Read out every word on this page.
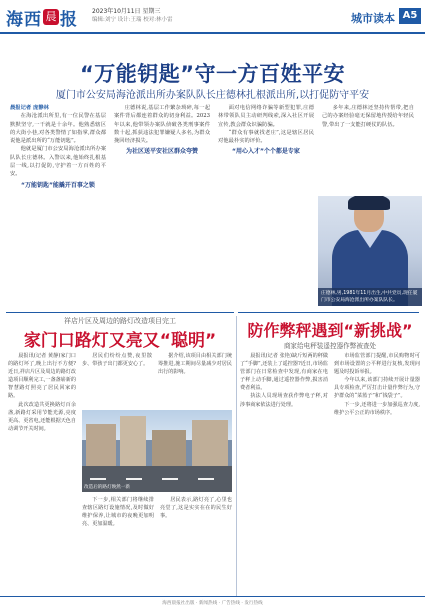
海西 晨 报 2023年10月11日 星期三
编辑:刘宁 设计:王瑞 校对:林小雷	城市读本 A5
“万能钥匙”守一方百姓平安
厦门市公安局海沧派出所办案队队长庄德林扎根派出所,以打促防守平安
晨报记者 庞静林

在海沧派出所里,有一位民警在基层默默坚守,一干就是十余年。他熟悉辖区的大街小巷,对各类警情了如指掌,群众都说他是派出所的“万能钥匙”。

他就是厦门市公安局海沧派出所办案队队长庄德林。入警以来,他始终扎根基层一线,以打促防,守护着一方百姓的平安。

“万能钥匙”能撬开百事之锁

庄德林说,基层工作繁杂琐碎,每一起案件背后都连着群众的切身利益。2023年以来,他带领办案队侦破各类刑事案件数十起,抓获违法犯罪嫌疑人多名,为群众挽回经济损失。

为社区送平安社区群众夸赞

面对电信网络诈骗等新型犯罪,庄德林带领队员主动研判线索,深入社区开展宣传,教会群众识骗防骗。

“群众有事就找老庄”,这是辖区居民对他最朴实的评价。

“用心入才”个个都是专家

多年来,庄德林还坚持传帮带,把自己的办案经验毫无保留地传授给年轻民警,带出了一支能打硬仗的队伍。

庄德林,男,1981年11月出生,中共党员,现任厦门市公安局海沧派出所办案队队长。
祥店片区及周边的路灯改造项目完工
家门口路灯又亮又“聪明”

晨报讯(记者 黄静)家门口的路灯坏了,晚上出行不方便?近日,祥店片区及周边的路灯改造项目顺利完工,一盏盏崭新的智慧路灯照亮了居民回家的路。

此次改造共更换路灯百余盏,新路灯采用节能光源,亮度更高、更省电,还能根据天色自动调节开关时间。

居民们纷纷点赞,夜里散步、带孩子出门都更安心了。

据介绍,该项目由相关部门统筹推进,施工期间尽量减少对居民出行的影响。

改造后的路灯焕然一新

下一步,相关部门将继续排查辖区路灯设施情况,及时做好维护保养,让城市的夜晚更加明亮、更加温暖。

居民表示,路灯亮了,心里也亮堂了,这是实实在在的民生好事。

防作弊秤遇到“新挑战”
商家给电秤装遥控器作弊被查处

晨报讯(记者 张艳)缺斤短两的秤做了“手脚”,还装上了遥控器?近日,市场监管部门在日常检查中发现,有商家在电子秤上动手脚,通过遥控器作弊,损害消费者利益。

执法人员现场查获作弊电子秤,对涉事商家依法进行处理。

市场监管部门提醒,市民购物时可到市场设置的公平秤进行复核,发现问题及时投诉举报。

今年以来,该部门持续开展计量器具专项检查,严厉打击计量作弊行为,守护群众的“菜篮子”和“钱袋子”。

下一步,还将进一步加强巡查力度,维护公平公正的市场秩序。

海西晨报社出版 · 新闻热线 · 广告热线 · 发行热线
